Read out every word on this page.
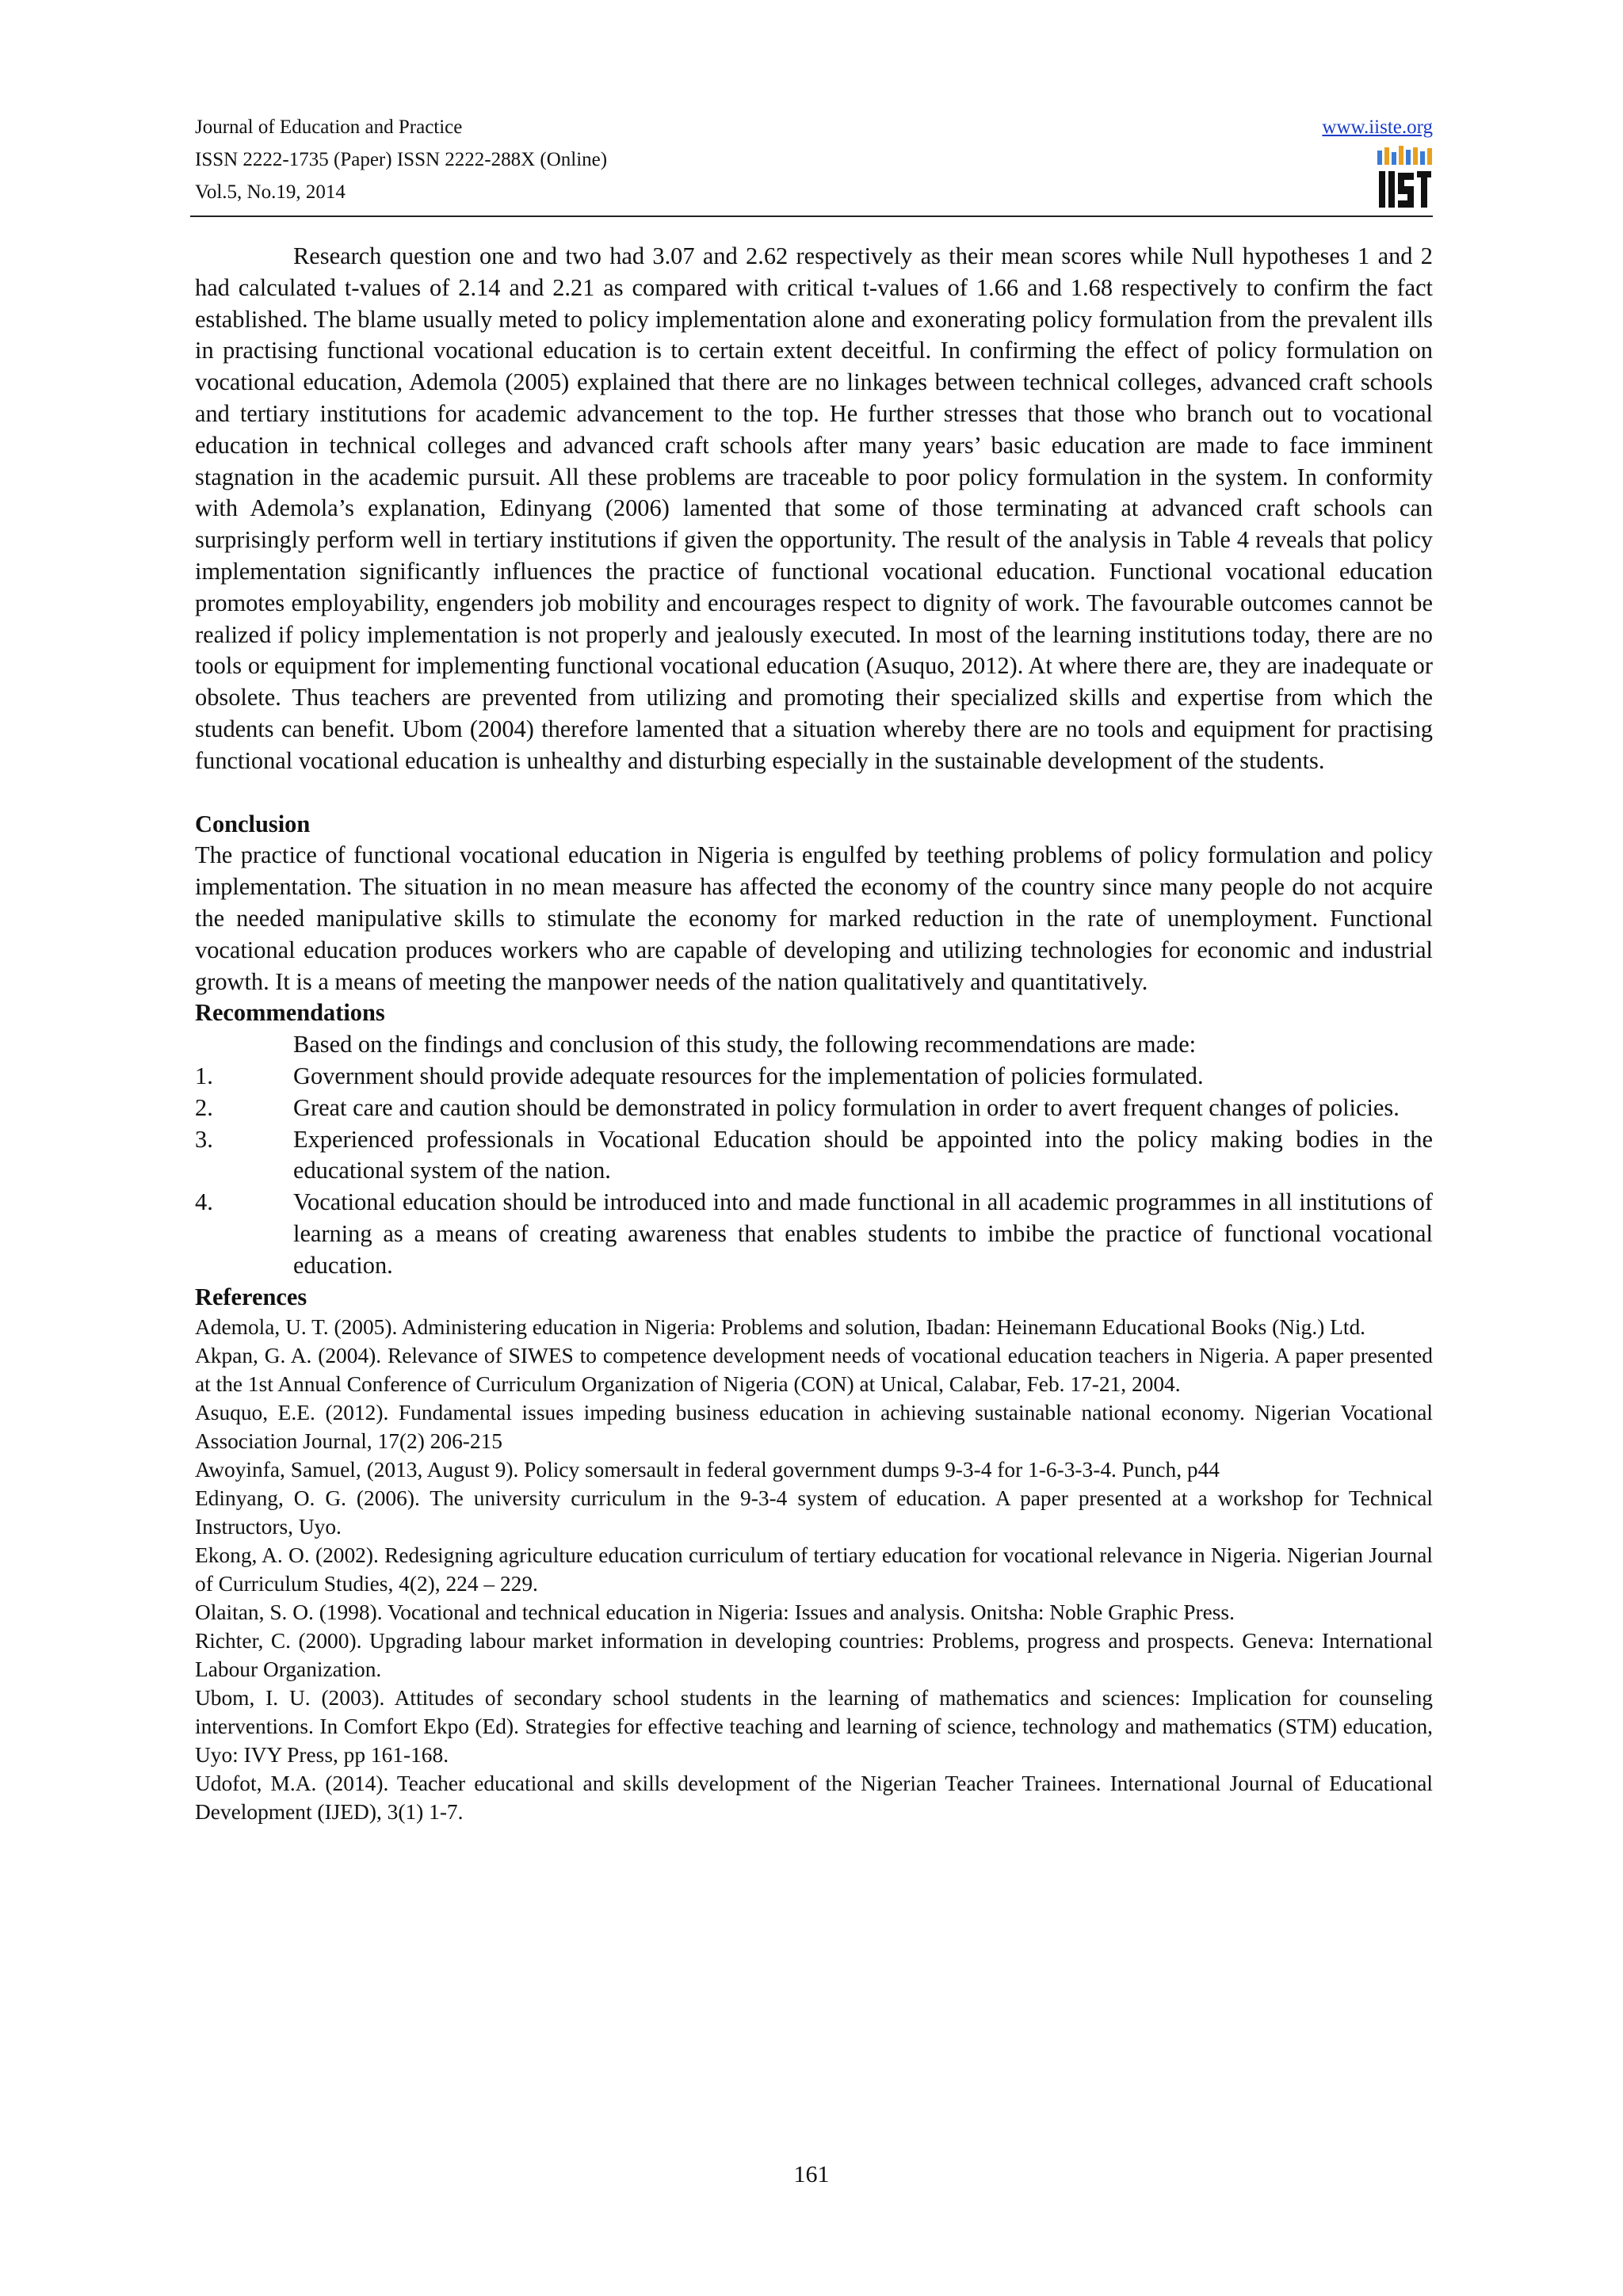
Journal of Education and Practice
ISSN 2222-1735 (Paper) ISSN 2222-288X (Online)
Vol.5, No.19, 2014
www.iiste.org

Research question one and two had 3.07 and 2.62 respectively as their mean scores while Null hypotheses 1 and 2 had calculated t-values of 2.14 and 2.21 as compared with critical t-values of 1.66 and 1.68 respectively to confirm the fact established. The blame usually meted to policy implementation alone and exonerating policy formulation from the prevalent ills in practising functional vocational education is to certain extent deceitful. In confirming the effect of policy formulation on vocational education, Ademola (2005) explained that there are no linkages between technical colleges, advanced craft schools and tertiary institutions for academic advancement to the top. He further stresses that those who branch out to vocational education in technical colleges and advanced craft schools after many years’ basic education are made to face imminent stagnation in the academic pursuit. All these problems are traceable to poor policy formulation in the system. In conformity with Ademola’s explanation, Edinyang (2006) lamented that some of those terminating at advanced craft schools can surprisingly perform well in tertiary institutions if given the opportunity. The result of the analysis in Table 4 reveals that policy implementation significantly influences the practice of functional vocational education. Functional vocational education promotes employability, engenders job mobility and encourages respect to dignity of work. The favourable outcomes cannot be realized if policy implementation is not properly and jealously executed. In most of the learning institutions today, there are no tools or equipment for implementing functional vocational education (Asuquo, 2012). At where there are, they are inadequate or obsolete. Thus teachers are prevented from utilizing and promoting their specialized skills and expertise from which the students can benefit. Ubom (2004) therefore lamented that a situation whereby there are no tools and equipment for practising functional vocational education is unhealthy and disturbing especially in the sustainable development of the students.

Conclusion

The practice of functional vocational education in Nigeria is engulfed by teething problems of policy formulation and policy implementation. The situation in no mean measure has affected the economy of the country since many people do not acquire the needed manipulative skills to stimulate the economy for marked reduction in the rate of unemployment. Functional vocational education produces workers who are capable of developing and utilizing technologies for economic and industrial growth. It is a means of meeting the manpower needs of the nation qualitatively and quantitatively.

Recommendations

Based on the findings and conclusion of this study, the following recommendations are made:

1.	Government should provide adequate resources for the implementation of policies formulated.
2.	Great care and caution should be demonstrated in policy formulation in order to avert frequent changes of policies.
3.	Experienced professionals in Vocational Education should be appointed into the policy making bodies in the educational system of the nation.
4.	Vocational education should be introduced into and made functional in all academic programmes in all institutions of learning as a means of creating awareness that enables students to imbibe the practice of functional vocational education.
References

Ademola, U. T. (2005). Administering education in Nigeria: Problems and solution, Ibadan: Heinemann Educational Books (Nig.) Ltd.

Akpan, G. A. (2004). Relevance of SIWES to competence development needs of vocational education teachers in Nigeria. A paper presented at the 1st Annual Conference of Curriculum Organization of Nigeria (CON) at Unical, Calabar, Feb. 17-21, 2004.

Asuquo, E.E. (2012). Fundamental issues impeding business education in achieving sustainable national economy. Nigerian Vocational Association Journal, 17(2) 206-215

Awoyinfa, Samuel, (2013, August 9). Policy somersault in federal government dumps 9-3-4 for 1-6-3-3-4. Punch, p44

Edinyang, O. G. (2006). The university curriculum in the 9-3-4 system of education. A paper presented at a workshop for Technical Instructors, Uyo.

Ekong, A. O. (2002). Redesigning agriculture education curriculum of tertiary education for vocational relevance in Nigeria. Nigerian Journal of Curriculum Studies, 4(2), 224 – 229.

Olaitan, S. O. (1998). Vocational and technical education in Nigeria: Issues and analysis. Onitsha: Noble Graphic Press.

Richter, C. (2000). Upgrading labour market information in developing countries: Problems, progress and prospects. Geneva: International Labour Organization.

Ubom, I. U. (2003). Attitudes of secondary school students in the learning of mathematics and sciences: Implication for counseling interventions. In Comfort Ekpo (Ed). Strategies for effective teaching and learning of science, technology and mathematics (STM) education, Uyo: IVY Press, pp 161-168.

Udofot, M.A. (2014). Teacher educational and skills development of the Nigerian Teacher Trainees. International Journal of Educational Development (IJED), 3(1) 1-7.

161
